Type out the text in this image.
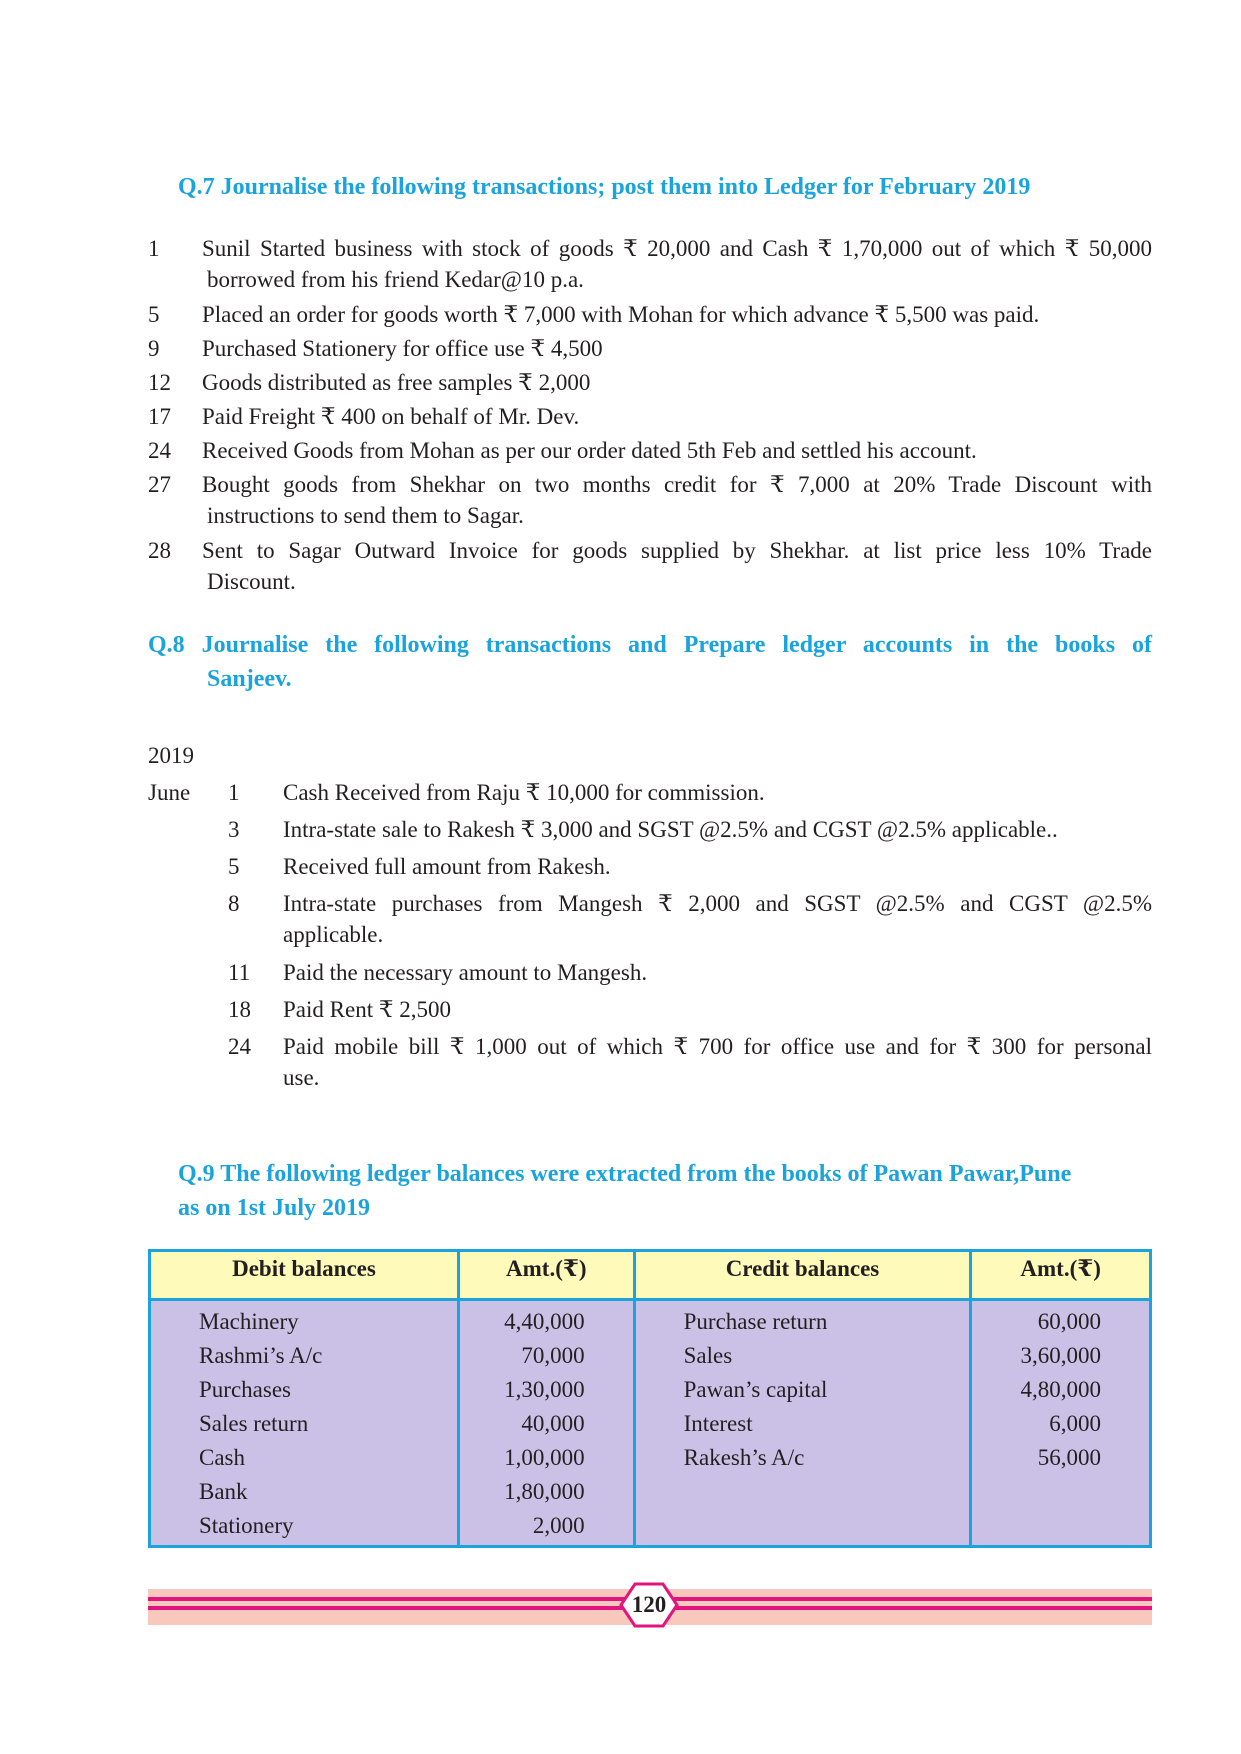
Q.7 Journalise the following transactions; post them into Ledger for February 2019
1 Sunil Started business with stock of goods ₹ 20,000 and Cash ₹ 1,70,000 out of which ₹ 50,000
borrowed from his friend Kedar@10 p.a.
5 Placed an order for goods worth ₹ 7,000 with Mohan for which advance ₹ 5,500 was paid.
9 Purchased Stationery for office use ₹ 4,500
12 Goods distributed as free samples ₹ 2,000
17 Paid Freight ₹ 400 on behalf of Mr. Dev.
24 Received Goods from Mohan as per our order dated 5th Feb and settled his account.
27 Bought goods from Shekhar on two months credit for ₹ 7,000 at 20% Trade Discount with
instructions to send them to Sagar.
28 Sent to Sagar Outward Invoice for goods supplied by Shekhar. at list price less 10% Trade
Discount.
Q.8 Journalise the following transactions and Prepare ledger accounts in the books of
Sanjeev.
2019
June 1 Cash Received from Raju ₹ 10,000 for commission.
3 Intra-state sale to Rakesh ₹ 3,000 and SGST @2.5% and CGST @2.5% applicable..
5 Received full amount from Rakesh.
8 Intra-state purchases from Mangesh ₹ 2,000 and SGST @2.5% and CGST @2.5%
applicable.
11 Paid the necessary amount to Mangesh.
18 Paid Rent ₹ 2,500
24 Paid mobile bill ₹ 1,000 out of which ₹ 700 for office use and for ₹ 300 for personal
use.
Q.9 The following ledger balances were extracted from the books of Pawan Pawar,Pune
as on 1st July 2019
Debit balances	Amt.(₹)	Credit balances	Amt.(₹)
Machinery	4,40,000	Purchase return	60,000
Rashmi’s A/c	70,000	Sales	3,60,000
Purchases	1,30,000	Pawan’s capital	4,80,000
Sales return	40,000	Interest	6,000
Cash	1,00,000	Rakesh’s A/c	56,000
Bank	1,80,000		
Stationery	2,000		
120
